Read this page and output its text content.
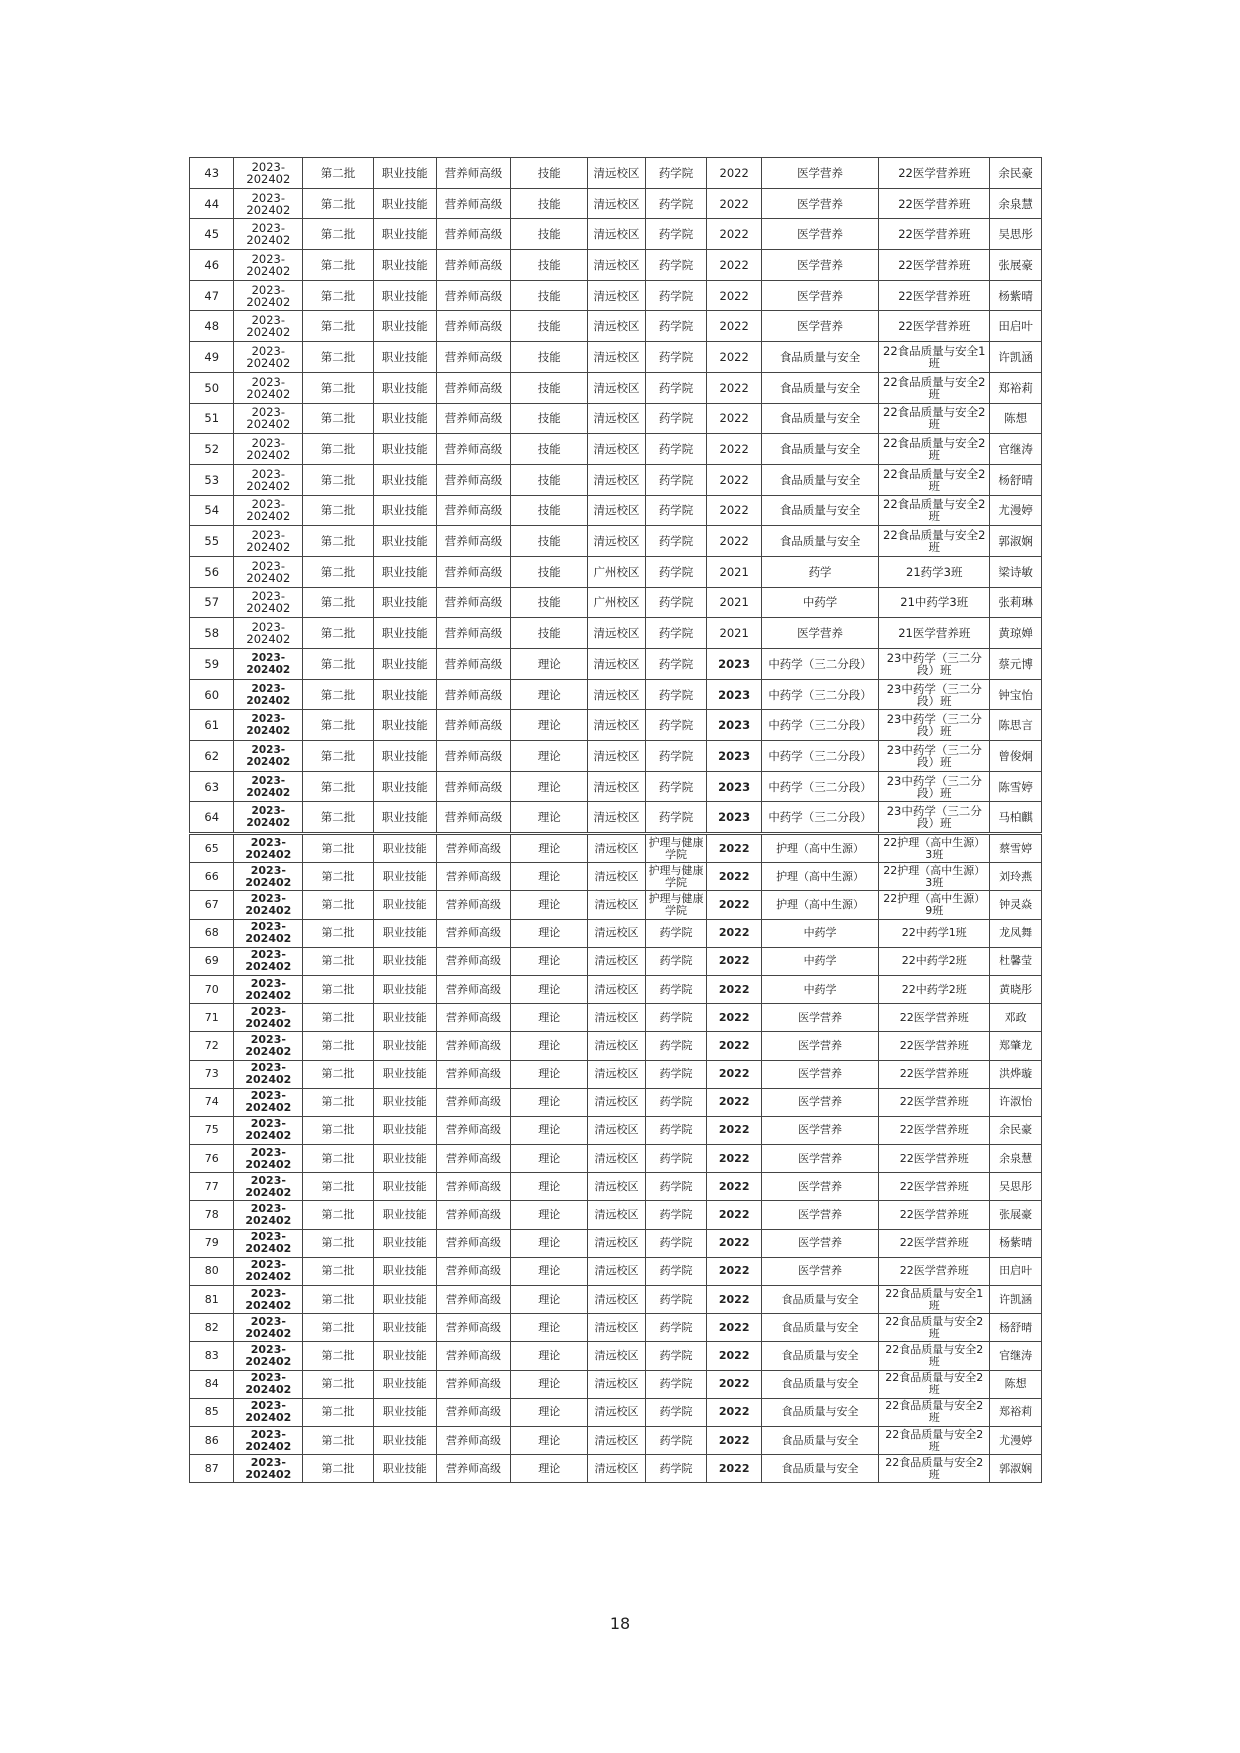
43	2023-202402	第二批	职业技能	营养师高级	技能	清远校区	药学院	2022	医学营养	22医学营养班	余民豪
44	2023-202402	第二批	职业技能	营养师高级	技能	清远校区	药学院	2022	医学营养	22医学营养班	余泉慧
45	2023-202402	第二批	职业技能	营养师高级	技能	清远校区	药学院	2022	医学营养	22医学营养班	吴思彤
46	2023-202402	第二批	职业技能	营养师高级	技能	清远校区	药学院	2022	医学营养	22医学营养班	张展豪
47	2023-202402	第二批	职业技能	营养师高级	技能	清远校区	药学院	2022	医学营养	22医学营养班	杨紫晴
48	2023-202402	第二批	职业技能	营养师高级	技能	清远校区	药学院	2022	医学营养	22医学营养班	田启叶
49	2023-202402	第二批	职业技能	营养师高级	技能	清远校区	药学院	2022	食品质量与安全	22食品质量与安全1班	许凯涵
50	2023-202402	第二批	职业技能	营养师高级	技能	清远校区	药学院	2022	食品质量与安全	22食品质量与安全2班	郑裕莉
51	2023-202402	第二批	职业技能	营养师高级	技能	清远校区	药学院	2022	食品质量与安全	22食品质量与安全2班	陈想
52	2023-202402	第二批	职业技能	营养师高级	技能	清远校区	药学院	2022	食品质量与安全	22食品质量与安全2班	官继涛
53	2023-202402	第二批	职业技能	营养师高级	技能	清远校区	药学院	2022	食品质量与安全	22食品质量与安全2班	杨舒晴
54	2023-202402	第二批	职业技能	营养师高级	技能	清远校区	药学院	2022	食品质量与安全	22食品质量与安全2班	尤漫婷
55	2023-202402	第二批	职业技能	营养师高级	技能	清远校区	药学院	2022	食品质量与安全	22食品质量与安全2班	郭淑娴
56	2023-202402	第二批	职业技能	营养师高级	技能	广州校区	药学院	2021	药学	21药学3班	梁诗敏
57	2023-202402	第二批	职业技能	营养师高级	技能	广州校区	药学院	2021	中药学	21中药学3班	张莉琳
58	2023-202402	第二批	职业技能	营养师高级	技能	清远校区	药学院	2021	医学营养	21医学营养班	黄琼婵
59	2023-202402	第二批	职业技能	营养师高级	理论	清远校区	药学院	2023	中药学（三二分段）	23中药学（三二分段）班	蔡元博
60	2023-202402	第二批	职业技能	营养师高级	理论	清远校区	药学院	2023	中药学（三二分段）	23中药学（三二分段）班	钟宝怡
61	2023-202402	第二批	职业技能	营养师高级	理论	清远校区	药学院	2023	中药学（三二分段）	23中药学（三二分段）班	陈思言
62	2023-202402	第二批	职业技能	营养师高级	理论	清远校区	药学院	2023	中药学（三二分段）	23中药学（三二分段）班	曾俊炯
63	2023-202402	第二批	职业技能	营养师高级	理论	清远校区	药学院	2023	中药学（三二分段）	23中药学（三二分段）班	陈雪婷
64	2023-202402	第二批	职业技能	营养师高级	理论	清远校区	药学院	2023	中药学（三二分段）	23中药学（三二分段）班	马柏麒
65	2023-202402	第二批	职业技能	营养师高级	理论	清远校区	护理与健康学院	2022	护理（高中生源）	22护理（高中生源）3班	蔡雪婷
66	2023-202402	第二批	职业技能	营养师高级	理论	清远校区	护理与健康学院	2022	护理（高中生源）	22护理（高中生源）3班	刘玲燕
67	2023-202402	第二批	职业技能	营养师高级	理论	清远校区	护理与健康学院	2022	护理（高中生源）	22护理（高中生源）9班	钟灵焱
68	2023-202402	第二批	职业技能	营养师高级	理论	清远校区	药学院	2022	中药学	22中药学1班	龙凤舞
69	2023-202402	第二批	职业技能	营养师高级	理论	清远校区	药学院	2022	中药学	22中药学2班	杜馨莹
70	2023-202402	第二批	职业技能	营养师高级	理论	清远校区	药学院	2022	中药学	22中药学2班	黄晓彤
71	2023-202402	第二批	职业技能	营养师高级	理论	清远校区	药学院	2022	医学营养	22医学营养班	邓政
72	2023-202402	第二批	职业技能	营养师高级	理论	清远校区	药学院	2022	医学营养	22医学营养班	郑肇龙
73	2023-202402	第二批	职业技能	营养师高级	理论	清远校区	药学院	2022	医学营养	22医学营养班	洪烨璇
74	2023-202402	第二批	职业技能	营养师高级	理论	清远校区	药学院	2022	医学营养	22医学营养班	许淑怡
75	2023-202402	第二批	职业技能	营养师高级	理论	清远校区	药学院	2022	医学营养	22医学营养班	余民豪
76	2023-202402	第二批	职业技能	营养师高级	理论	清远校区	药学院	2022	医学营养	22医学营养班	余泉慧
77	2023-202402	第二批	职业技能	营养师高级	理论	清远校区	药学院	2022	医学营养	22医学营养班	吴思彤
78	2023-202402	第二批	职业技能	营养师高级	理论	清远校区	药学院	2022	医学营养	22医学营养班	张展豪
79	2023-202402	第二批	职业技能	营养师高级	理论	清远校区	药学院	2022	医学营养	22医学营养班	杨紫晴
80	2023-202402	第二批	职业技能	营养师高级	理论	清远校区	药学院	2022	医学营养	22医学营养班	田启叶
81	2023-202402	第二批	职业技能	营养师高级	理论	清远校区	药学院	2022	食品质量与安全	22食品质量与安全1班	许凯涵
82	2023-202402	第二批	职业技能	营养师高级	理论	清远校区	药学院	2022	食品质量与安全	22食品质量与安全2班	杨舒晴
83	2023-202402	第二批	职业技能	营养师高级	理论	清远校区	药学院	2022	食品质量与安全	22食品质量与安全2班	官继涛
84	2023-202402	第二批	职业技能	营养师高级	理论	清远校区	药学院	2022	食品质量与安全	22食品质量与安全2班	陈想
85	2023-202402	第二批	职业技能	营养师高级	理论	清远校区	药学院	2022	食品质量与安全	22食品质量与安全2班	郑裕莉
86	2023-202402	第二批	职业技能	营养师高级	理论	清远校区	药学院	2022	食品质量与安全	22食品质量与安全2班	尤漫婷
87	2023-202402	第二批	职业技能	营养师高级	理论	清远校区	药学院	2022	食品质量与安全	22食品质量与安全2班	郭淑娴
18
